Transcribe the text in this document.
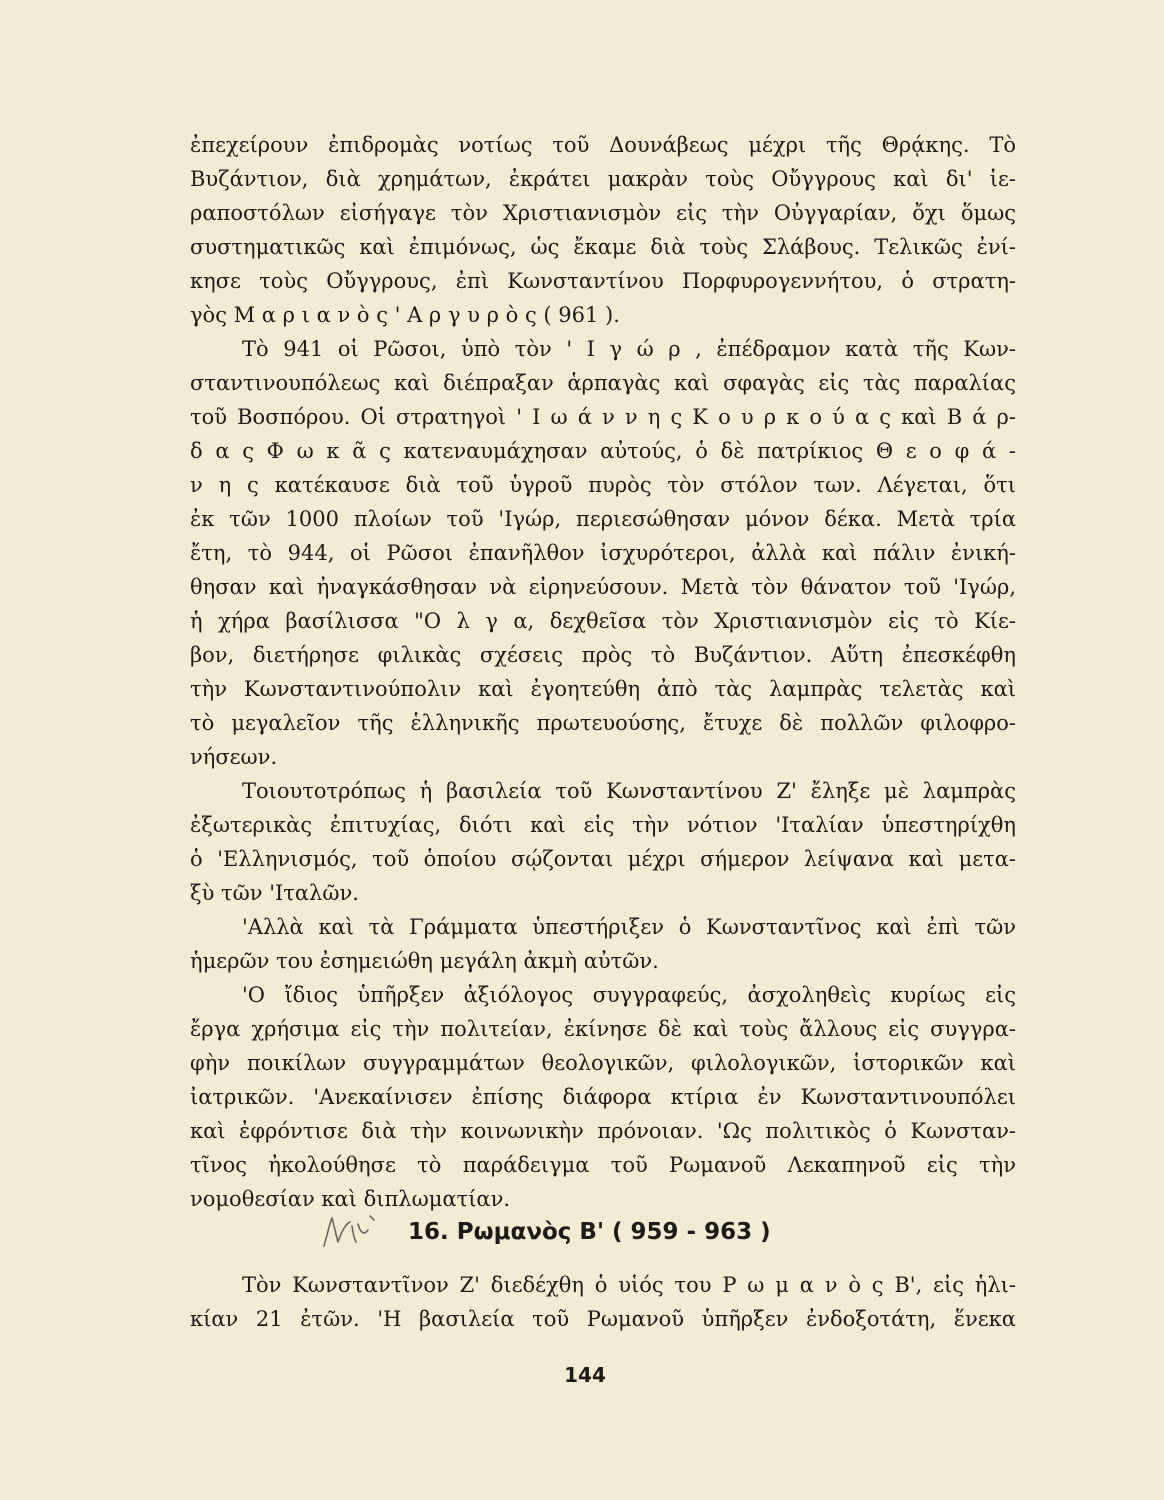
ἐπεχείρουν ἐπιδρομὰς νοτίως τοῦ Δουνάβεως μέχρι τῆς Θρᾴκης. Τὸ
Βυζάντιον, διὰ χρημάτων, ἐκράτει μακρὰν τοὺς Οὔγγρους καὶ δι' ἱε-
ραποστόλων εἰσήγαγε τὸν Χριστιανισμὸν εἰς τὴν Οὐγγαρίαν, ὄχι ὅμως
συστηματικῶς καὶ ἐπιμόνως, ὡς ἔκαμε διὰ τοὺς Σλάβους. Τελικῶς ἐνί-
κησε τοὺς Οὔγγρους, ἐπὶ Κωνσταντίνου Πορφυρογεννήτου, ὁ στρατη-
γὸς Μ α ρ ι α ν ὸ ς ' Α ρ γ υ ρ ὸ ς ( 961 ).
Τὸ 941 οἱ Ρῶσοι, ὑπὸ τὸν ' Ι γ ώ ρ , ἐπέδραμον κατὰ τῆς Κων-
σταντινουπόλεως καὶ διέπραξαν ἁρπαγὰς καὶ σφαγὰς εἰς τὰς παραλίας
τοῦ Βοσπόρου. Οἱ στρατηγοὶ ' Ι ω ά ν ν η ς Κ ο υ ρ κ ο ύ α ς καὶ Β ά ρ-
δ α ς Φ ω κ ᾶ ς κατεναυμάχησαν αὐτούς, ὁ δὲ πατρίκιος Θ ε ο φ ά -
ν η ς κατέκαυσε διὰ τοῦ ὑγροῦ πυρὸς τὸν στόλον των. Λέγεται, ὅτι
ἐκ τῶν 1000 πλοίων τοῦ 'Ιγώρ, περιεσώθησαν μόνον δέκα. Μετὰ τρία
ἔτη, τὸ 944, οἱ Ρῶσοι ἐπανῆλθον ἰσχυρότεροι, ἀλλὰ καὶ πάλιν ἐνική-
θησαν καὶ ἠναγκάσθησαν νὰ εἰρηνεύσουν. Μετὰ τὸν θάνατον τοῦ 'Ιγώρ,
ἡ χήρα βασίλισσα "Ο λ γ α, δεχθεῖσα τὸν Χριστιανισμὸν εἰς τὸ Κίε-
βον, διετήρησε φιλικὰς σχέσεις πρὸς τὸ Βυζάντιον. Αὕτη ἐπεσκέφθη
τὴν Κωνσταντινούπολιν καὶ ἐγοητεύθη ἀπὸ τὰς λαμπρὰς τελετὰς καὶ
τὸ μεγαλεῖον τῆς ἑλληνικῆς πρωτευούσης, ἔτυχε δὲ πολλῶν φιλοφρο-
νήσεων.
Τοιουτοτρόπως ἡ βασιλεία τοῦ Κωνσταντίνου Ζ' ἔληξε μὲ λαμπρὰς
ἐξωτερικὰς ἐπιτυχίας, διότι καὶ εἰς τὴν νότιον 'Ιταλίαν ὑπεστηρίχθη
ὁ 'Ελληνισμός, τοῦ ὁποίου σῴζονται μέχρι σήμερον λείψανα καὶ μετα-
ξὺ τῶν 'Ιταλῶν.
'Αλλὰ καὶ τὰ Γράμματα ὑπεστήριξεν ὁ Κωνσταντῖνος καὶ ἐπὶ τῶν
ἡμερῶν του ἐσημειώθη μεγάλη ἀκμὴ αὐτῶν.
'Ο ἴδιος ὑπῆρξεν ἀξιόλογος συγγραφεύς, ἀσχοληθεὶς κυρίως εἰς
ἔργα χρήσιμα εἰς τὴν πολιτείαν, ἐκίνησε δὲ καὶ τοὺς ἄλλους εἰς συγγρα-
φὴν ποικίλων συγγραμμάτων θεολογικῶν, φιλολογικῶν, ἱστορικῶν καὶ
ἰατρικῶν. 'Ανεκαίνισεν ἐπίσης διάφορα κτίρια ἐν Κωνσταντινουπόλει
καὶ ἐφρόντισε διὰ τὴν κοινωνικὴν πρόνοιαν. 'Ως πολιτικὸς ὁ Κωνσταν-
τῖνος ἠκολούθησε τὸ παράδειγμα τοῦ Ρωμανοῦ Λεκαπηνοῦ εἰς τὴν
νομοθεσίαν καὶ διπλωματίαν.
16. Ρωμανὸς Β' ( 959 - 963 )
Τὸν Κωνσταντῖνον Ζ' διεδέχθη ὁ υἱός του Ρ ω μ α ν ὸ ς Β', εἰς ἡλι-
κίαν 21 ἐτῶν. 'Η βασιλεία τοῦ Ρωμανοῦ ὑπῆρξεν ἐνδοξοτάτη, ἕνεκα
144
